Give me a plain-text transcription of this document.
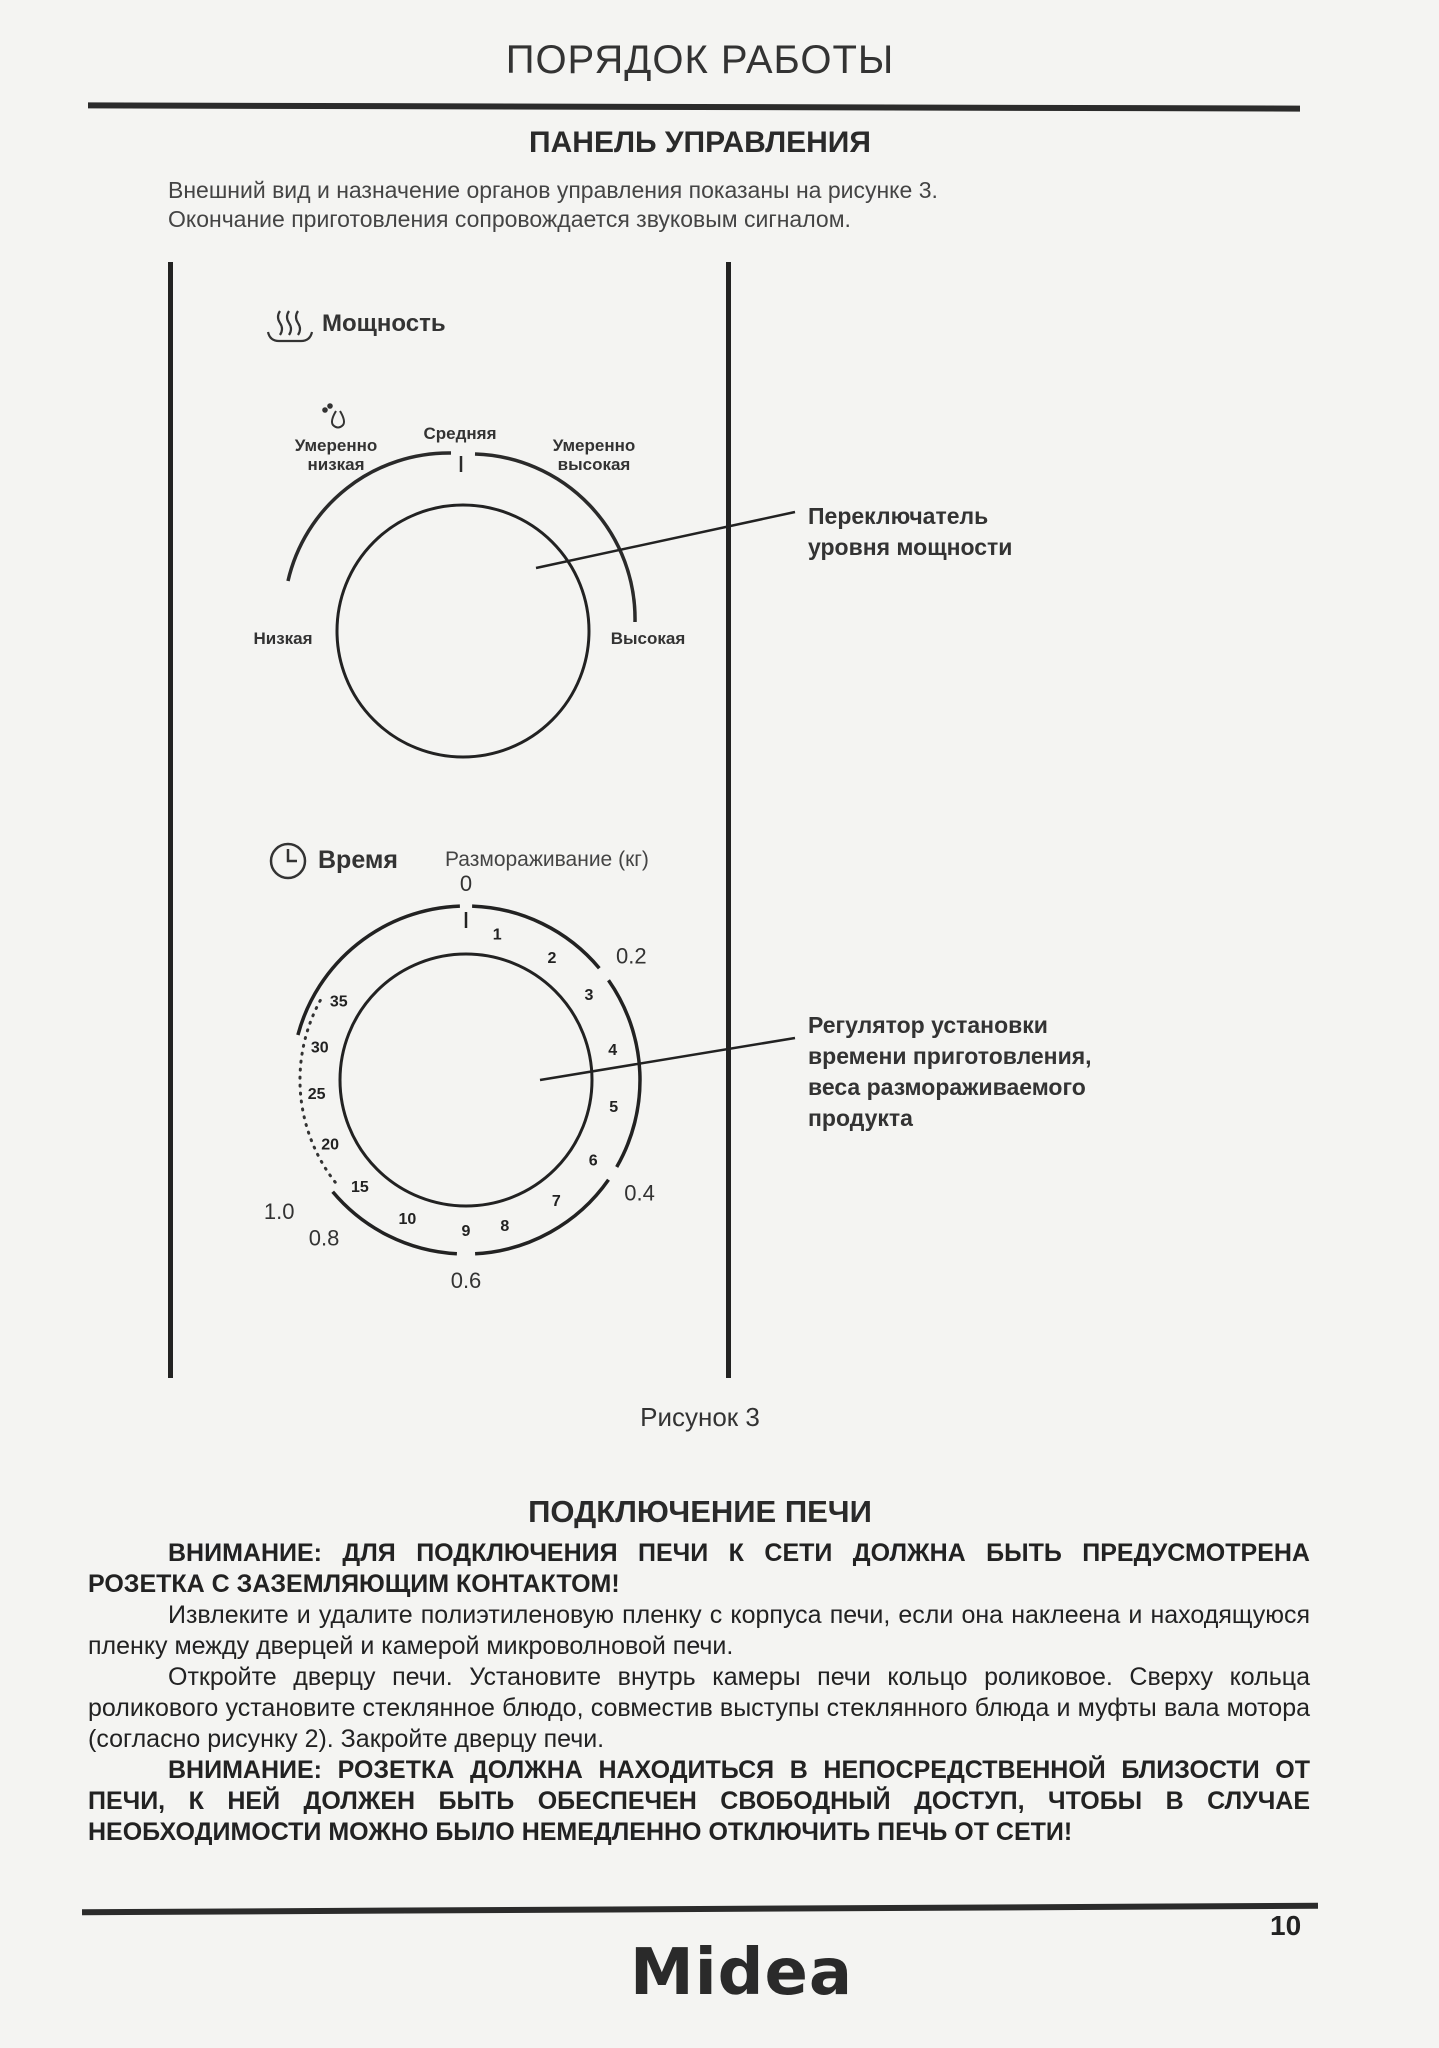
ПОРЯДОК РАБОТЫ
ПАНЕЛЬ УПРАВЛЕНИЯ
Внешний вид и назначение органов управления показаны на рисунке 3.
Окончание приготовления сопровождается звуковым сигналом.
1
2
3
4
5
6
7
8
9
10
15
20
25
30
35
0
0.2
0.4
0.6
0.8
1.0
Мощность
Умеренно
низкая
Средняя
Умеренно
высокая
Низкая	Высокая
Переключатель
уровня мощности
Время Размораживание (кг)
Регулятор установки
времени приготовления,
веса размораживаемого
продукта
Рисунок 3
ПОДКЛЮЧЕНИЕ ПЕЧИ

ВНИМАНИЕ: ДЛЯ ПОДКЛЮЧЕНИЯ ПЕЧИ К СЕТИ ДОЛЖНА БЫТЬ ПРЕДУСМОТРЕНА РОЗЕТКА С ЗАЗЕМЛЯЮЩИМ КОНТАКТОМ!

Извлеките и удалите полиэтиленовую пленку с корпуса печи, если она наклеена и находящуюся пленку между дверцей и камерой микроволновой печи.

Откройте дверцу печи. Установите внутрь камеры печи кольцо роликовое. Сверху кольца роликового установите стеклянное блюдо, совместив выступы стеклянного блюда и муфты вала мотора (согласно рисунку 2). Закройте дверцу печи.

ВНИМАНИЕ: РОЗЕТКА ДОЛЖНА НАХОДИТЬСЯ В НЕПОСРЕДСТВЕННОЙ БЛИЗОСТИ ОТ ПЕЧИ, К НЕЙ ДОЛЖЕН БЫТЬ ОБЕСПЕЧЕН СВОБОДНЫЙ ДОСТУП, ЧТОБЫ В СЛУЧАЕ НЕОБХОДИМОСТИ МОЖНО БЫЛО НЕМЕДЛЕННО ОТКЛЮЧИТЬ ПЕЧЬ ОТ СЕТИ!

10
Midea
